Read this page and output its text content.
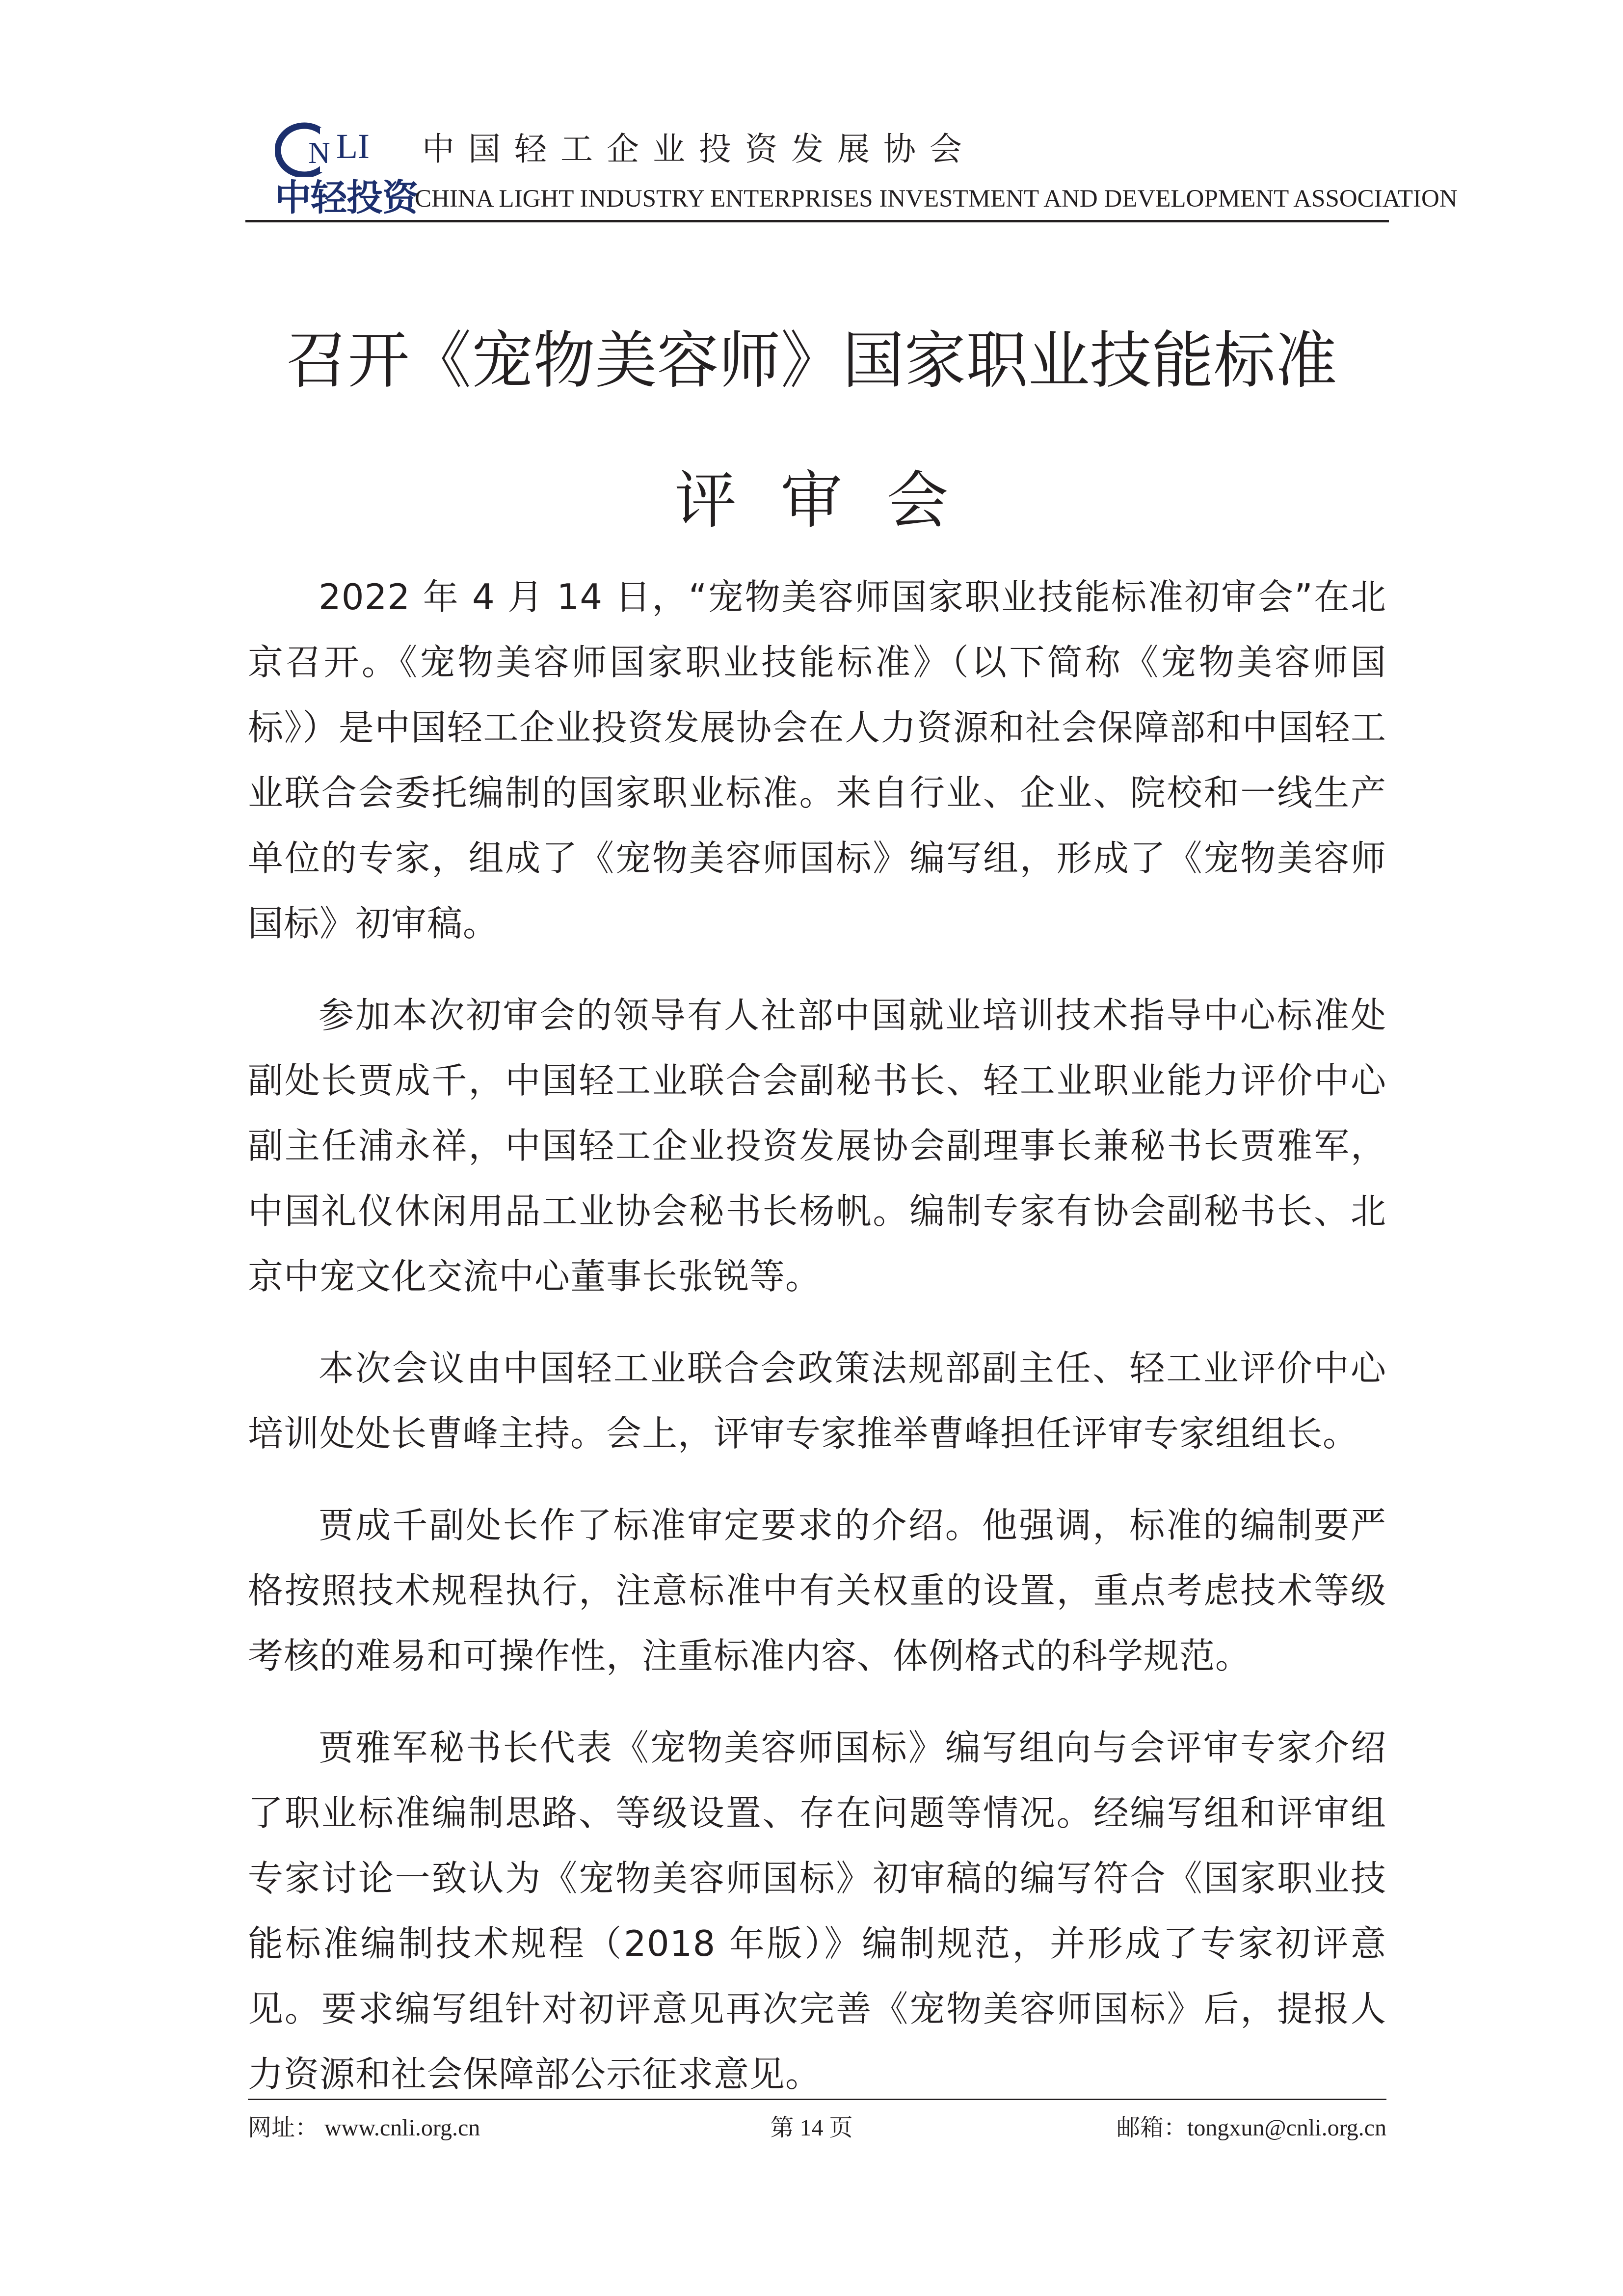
N LI
中轻投资
中国轻工企业投资发展协会
CHINA LIGHT INDUSTRY ENTERPRISES INVESTMENT AND DEVELOPMENT ASSOCIATION
召开《宠物美容师》国家职业技能标准
评审会

2022 年 4 月 14 日，“宠物美容师国家职业技能标准初审会”在北京召开。《宠物美容师国家职业技能标准》（以下简称《宠物美容师国标》）是中国轻工企业投资发展协会在人力资源和社会保障部和中国轻工业联合会委托编制的国家职业标准。来自行业、企业、院校和一线生产单位的专家，组成了《宠物美容师国标》编写组，形成了《宠物美容师国标》初审稿。

参加本次初审会的领导有人社部中国就业培训技术指导中心标准处副处长贾成千，中国轻工业联合会副秘书长、轻工业职业能力评价中心副主任浦永祥，中国轻工企业投资发展协会副理事长兼秘书长贾雅军，中国礼仪休闲用品工业协会秘书长杨帆。编制专家有协会副秘书长、北京中宠文化交流中心董事长张锐等。

本次会议由中国轻工业联合会政策法规部副主任、轻工业评价中心培训处处长曹峰主持。会上，评审专家推举曹峰担任评审专家组组长。

贾成千副处长作了标准审定要求的介绍。他强调，标准的编制要严格按照技术规程执行，注意标准中有关权重的设置，重点考虑技术等级考核的难易和可操作性，注重标准内容、体例格式的科学规范。

贾雅军秘书长代表《宠物美容师国标》编写组向与会评审专家介绍了职业标准编制思路、等级设置、存在问题等情况。经编写组和评审组专家讨论一致认为《宠物美容师国标》初审稿的编写符合《国家职业技能标准编制技术规程（2018 年版）》编制规范，并形成了专家初评意见。要求编写组针对初评意见再次完善《宠物美容师国标》后，提报人力资源和社会保障部公示征求意见。

网址： www.cnli.org.cn	第 14 页	邮箱：tongxun@cnli.org.cn
